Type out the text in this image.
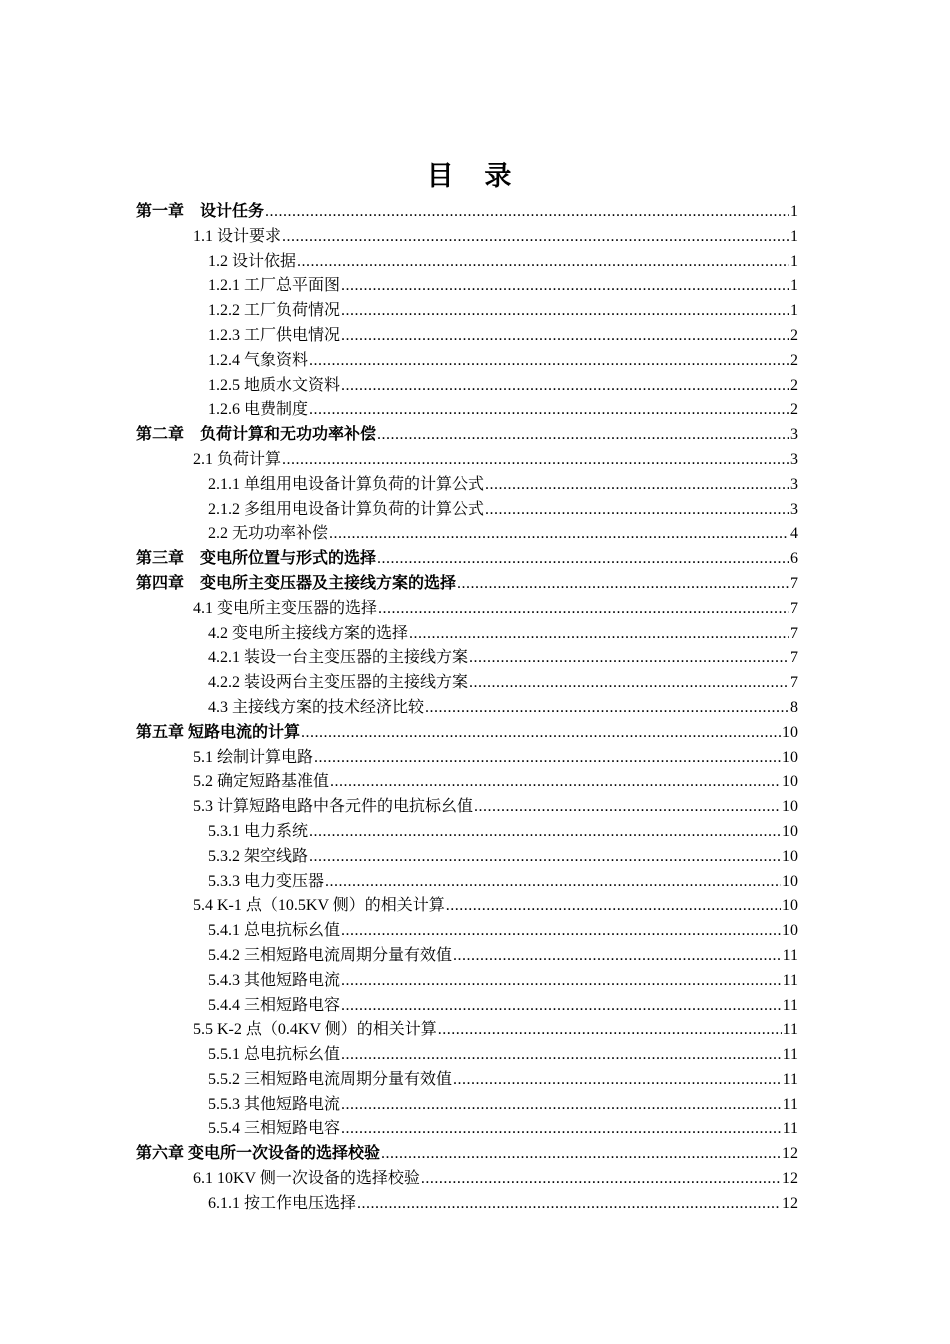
目 录
第一章　设计任务 .....	1
1.1 设计要求 .....	1
1.2 设计依据 .....	1
1.2.1 工厂总平面图 .....	1
1.2.2 工厂负荷情况 .....	1
1.2.3 工厂供电情况 .....	2
1.2.4 气象资料 .....	2
1.2.5 地质水文资料 .....	2
1.2.6 电费制度 .....	2
第二章　负荷计算和无功功率补偿 .....	3
2.1 负荷计算 .....	3
2.1.1 单组用电设备计算负荷的计算公式 .....	3
2.1.2 多组用电设备计算负荷的计算公式 .....	3
2.2 无功功率补偿 .....	4
第三章　变电所位置与形式的选择 .....	6
第四章　变电所主变压器及主接线方案的选择 .....	7
4.1 变电所主变压器的选择 .....	7
4.2 变电所主接线方案的选择 .....	7
4.2.1 装设一台主变压器的主接线方案 .....	7
4.2.2 装设两台主变压器的主接线方案 .....	7
4.3 主接线方案的技术经济比较 .....	8
第五章 短路电流的计算 .....	10
5.1 绘制计算电路 .....	10
5.2 确定短路基准值 .....	10
5.3 计算短路电路中各元件的电抗标幺值 .....	10
5.3.1 电力系统 .....	10
5.3.2 架空线路 .....	10
5.3.3 电力变压器 .....	10
5.4 K-1 点（10.5KV 侧）的相关计算 .....	10
5.4.1 总电抗标幺值 .....	10
5.4.2 三相短路电流周期分量有效值 .....	11
5.4.3 其他短路电流 .....	11
5.4.4 三相短路电容 .....	11
5.5 K-2 点（0.4KV 侧）的相关计算 .....	11
5.5.1 总电抗标幺值 .....	11
5.5.2 三相短路电流周期分量有效值 .....	11
5.5.3 其他短路电流 .....	11
5.5.4 三相短路电容 .....	11
第六章 变电所一次设备的选择校验 .....	12
6.1 10KV 侧一次设备的选择校验 .....	12
6.1.1 按工作电压选择 .....	12
